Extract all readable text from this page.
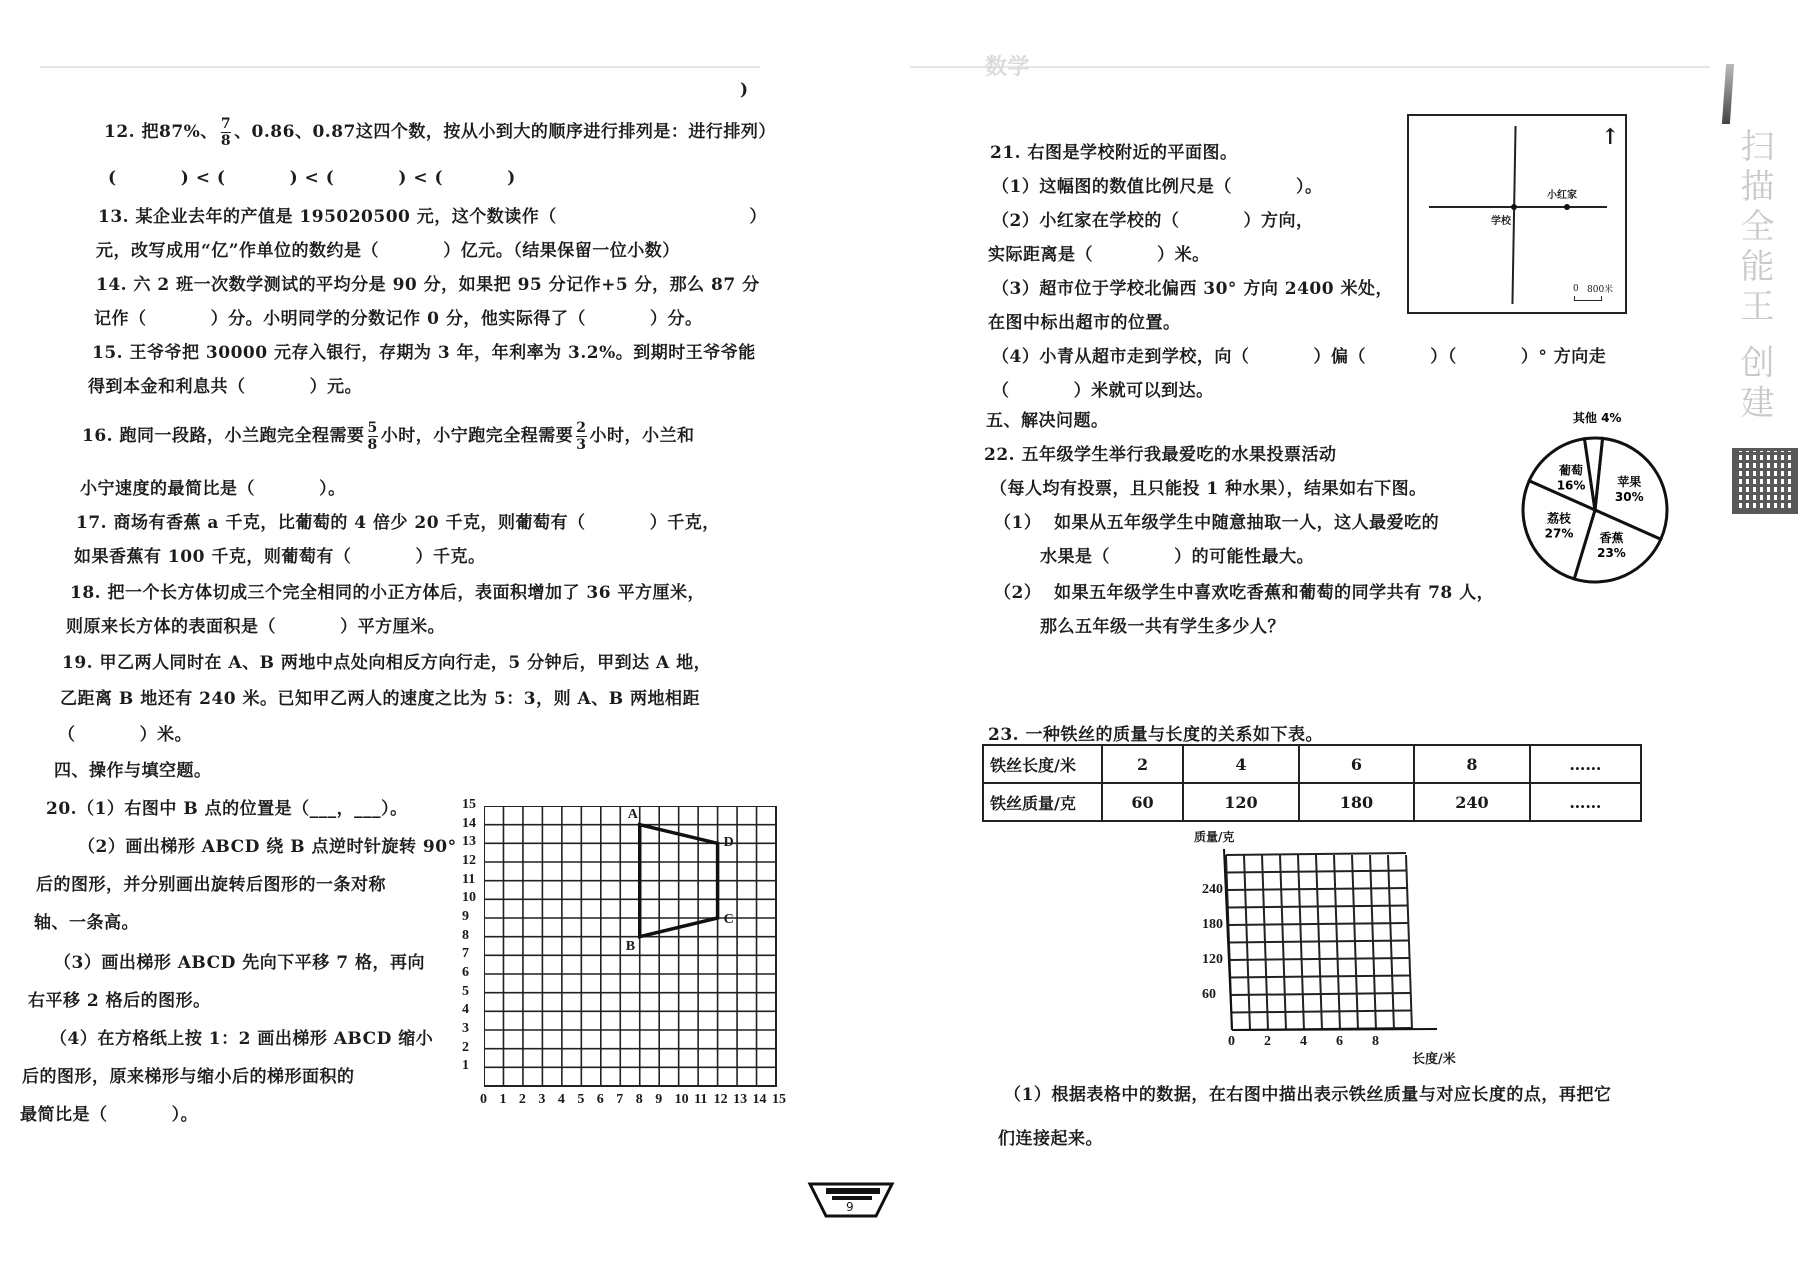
数学
)
12. 把87%、 $\frac{7}{8}$ 、0.86、0.87这四个数，按从小到大的顺序进行排列是：进行排列）
(          ) < (          ) < (          ) < (          )
13. 某企业去年的产值是 195020500 元，这个数读作（                              ）
元，改写成用“亿”作单位的数约是（          ）亿元。（结果保留一位小数）
14. 六 2 班一次数学测试的平均分是 90 分，如果把 95 分记作+5 分，那么 87 分
记作（          ）分。小明同学的分数记作 0 分，他实际得了（          ）分。
15. 王爷爷把 30000 元存入银行，存期为 3 年，年利率为 3.2%。到期时王爷爷能
得到本金和利息共（          ）元。
16. 跑同一段路，小兰跑完全程需要 $\frac{5}{8}$ 小时，小宁跑完全程需要 $\frac{2}{3}$ 小时，小兰和
小宁速度的最简比是（          ）。
17. 商场有香蕉 a 千克，比葡萄的 4 倍少 20 千克，则葡萄有（          ）千克，
如果香蕉有 100 千克，则葡萄有（          ）千克。
18. 把一个长方体切成三个完全相同的小正方体后，表面积增加了 36 平方厘米，
则原来长方体的表面积是（          ）平方厘米。
19. 甲乙两人同时在 A、B 两地中点处向相反方向行走，5 分钟后，甲到达 A 地，
乙距离 B 地还有 240 米。已知甲乙两人的速度之比为 5：3，则 A、B 两地相距
（          ）米。
四、操作与填空题。
20.（1）右图中 B 点的位置是（___，___）。
（2）画出梯形 ABCD 绕 B 点逆时针旋转 90°
后的图形，并分别画出旋转后图形的一条对称
轴、一条高。
（3）画出梯形 ABCD 先向下平移 7 格，再向
右平移 2 格后的图形。
（4）在方格纸上按 1：2 画出梯形 ABCD 缩小
后的图形，原来梯形与缩小后的梯形面积的
最简比是（          ）。
0 1 2 3 4 5 6 7 8 9 10 11 12 13 14 15
1
2
3
4
5
6
7
8
9
10
11
12
13
14
15
A
B
C
D
21. 右图是学校附近的平面图。
（1）这幅图的数值比例尺是（          ）。
（2）小红家在学校的（          ）方向，
实际距离是（          ）米。
（3）超市位于学校北偏西 30° 方向 2400 米处，
在图中标出超市的位置。
（4）小青从超市走到学校，向（          ）偏（          ）（          ）° 方向走
（          ）米就可以到达。
↑
学校
小红家
0 800米
五、解决问题。
22. 五年级学生举行我最爱吃的水果投票活动
（每人均有投票，且只能投 1 种水果），结果如右下图。
（1）  如果从五年级学生中随意抽取一人，这人最爱吃的
水果是（          ）的可能性最大。
（2）  如果五年级学生中喜欢吃香蕉和葡萄的同学共有 78 人，
那么五年级一共有学生多少人？
苹果 30%
香蕉 23%
荔枝 27%
葡萄 16%
其他 4%
23. 一种铁丝的质量与长度的关系如下表。
铁丝长度/米	2	4	6	8	……
铁丝质量/克	60	120	180	240	……
质量/克
长度/米
0 2 4 6 8
60
120
180
240
（1）根据表格中的数据，在右图中描出表示铁丝质量与对应长度的点，再把它
们连接起来。
扫描全能王 创建
9
